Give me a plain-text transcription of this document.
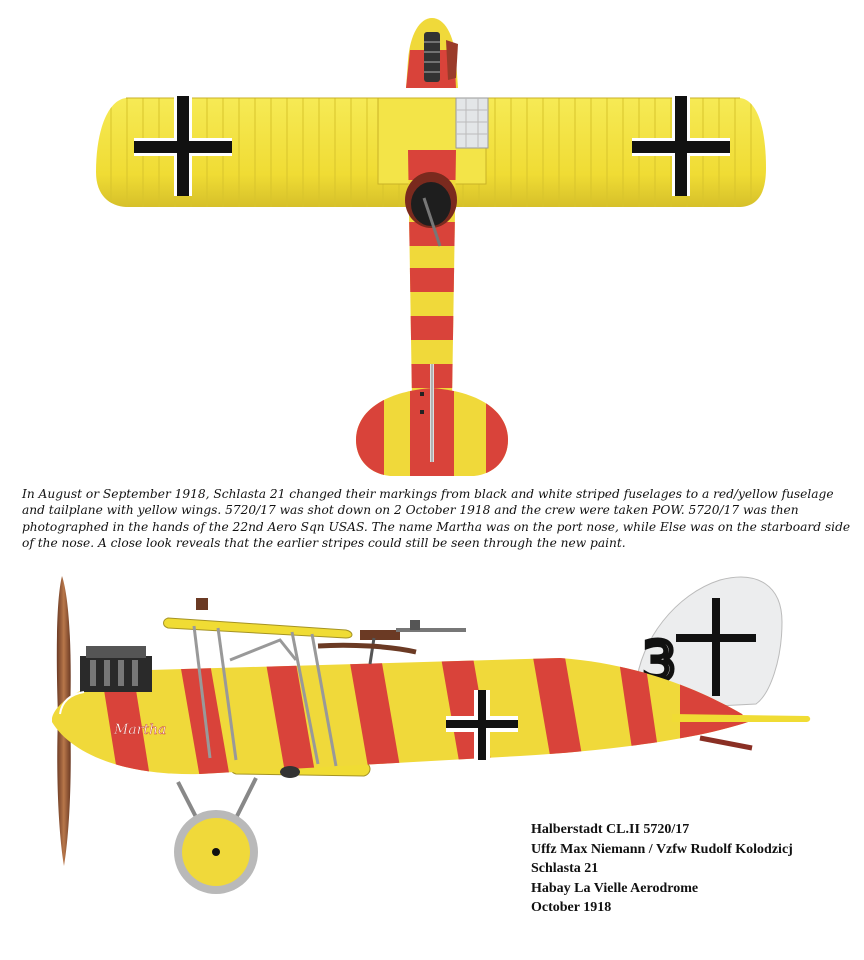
In August or September 1918, Schlasta 21 changed their markings from black and white striped fuselages to a red/yellow fuselage and tailplane with yellow wings. 5720/17 was shot down on 2 October 1918 and the crew were taken POW. 5720/17 was then photographed in the hands of the 22nd Aero Sqn USAS. The name Martha was on the port nose, while Else was on the starboard side of the nose. A close look reveals that the earlier stripes could still be seen through the new paint.

3
Martha
Halberstadt CL.II 5720/17
Uffz Max Niemann / Vzfw Rudolf Kolodzicj
Schlasta 21
Habay La Vielle Aerodrome
October 1918
